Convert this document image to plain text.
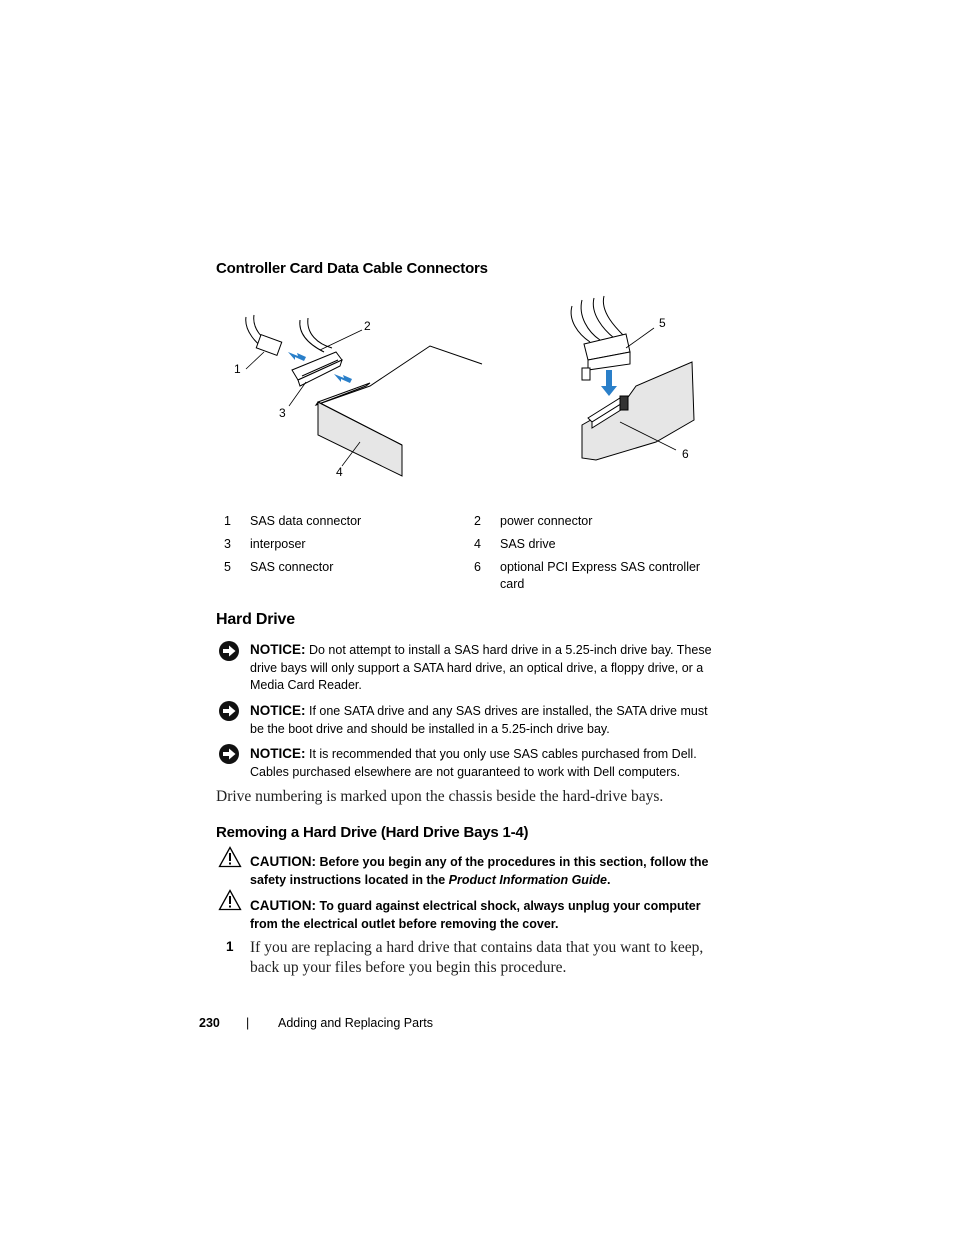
Controller Card Data Cable Connectors
1
2
3
4
5
6
1	SAS data connector	2	power connector
3	interposer	4	SAS drive
5	SAS connector	6	optional PCI Express SAS controller card
Hard Drive
NOTICE: Do not attempt to install a SAS hard drive in a 5.25-inch drive bay. These drive bays will only support a SATA hard drive, an optical drive, a floppy drive, or a Media Card Reader.
NOTICE: If one SATA drive and any SAS drives are installed, the SATA drive must be the boot drive and should be installed in a 5.25-inch drive bay.
NOTICE: It is recommended that you only use SAS cables purchased from Dell. Cables purchased elsewhere are not guaranteed to work with Dell computers.
Drive numbering is marked upon the chassis beside the hard-drive bays.
Removing a Hard Drive (Hard Drive Bays 1-4)
CAUTION: Before you begin any of the procedures in this section, follow the safety instructions located in the Product Information Guide.
CAUTION: To guard against electrical shock, always unplug your computer from the electrical outlet before removing the cover.
1 If you are replacing a hard drive that contains data that you want to keep, back up your files before you begin this procedure.
230 | Adding and Replacing Parts
